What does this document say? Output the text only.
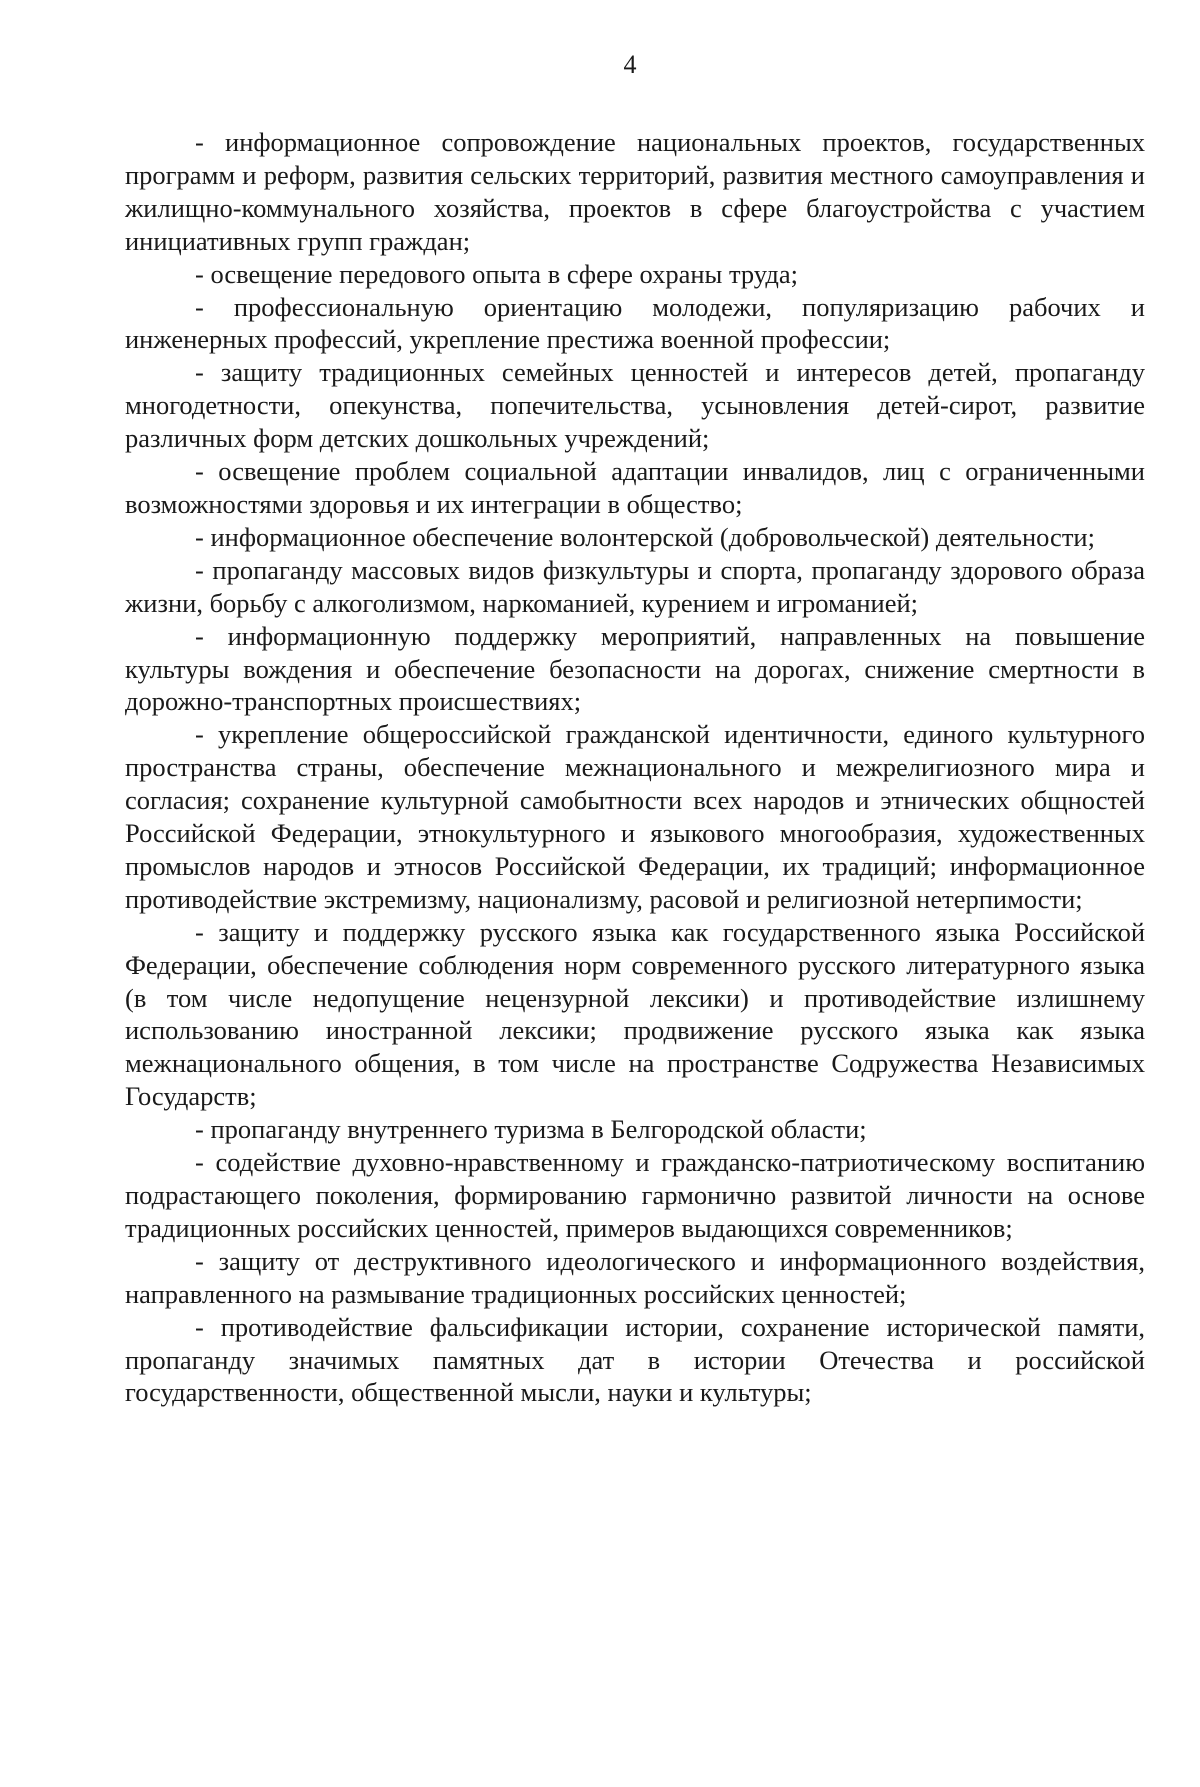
4

- информационное сопровождение национальных проектов, государственных программ и реформ, развития сельских территорий, развития местного самоуправления и жилищно-коммунального хозяйства, проектов в сфере благоустройства с участием инициативных групп граждан;

- освещение передового опыта в сфере охраны труда;

- профессиональную ориентацию молодежи, популяризацию рабочих и инженерных профессий, укрепление престижа военной профессии;

- защиту традиционных семейных ценностей и интересов детей, пропаганду многодетности, опекунства, попечительства, усыновления детей-сирот, развитие различных форм детских дошкольных учреждений;

- освещение проблем социальной адаптации инвалидов, лиц с ограниченными возможностями здоровья и их интеграции в общество;

- информационное обеспечение волонтерской (добровольческой) деятельности;

- пропаганду массовых видов физкультуры и спорта, пропаганду здорового образа жизни, борьбу с алкоголизмом, наркоманией, курением и игроманией;

- информационную поддержку мероприятий, направленных на повышение культуры вождения и обеспечение безопасности на дорогах, снижение смертности в дорожно-транспортных происшествиях;

- укрепление общероссийской гражданской идентичности, единого культурного пространства страны, обеспечение межнационального и межрелигиозного мира и согласия; сохранение культурной самобытности всех народов и этнических общностей Российской Федерации, этнокультурного и языкового многообразия, художественных промыслов народов и этносов Российской Федерации, их традиций; информационное противодействие экстремизму, национализму, расовой и религиозной нетерпимости;

- защиту и поддержку русского языка как государственного языка Российской Федерации, обеспечение соблюдения норм современного русского литературного языка (в том числе недопущение нецензурной лексики) и противодействие излишнему использованию иностранной лексики; продвижение русского языка как языка межнационального общения, в том числе на пространстве Содружества Независимых Государств;

- пропаганду внутреннего туризма в Белгородской области;

- содействие духовно-нравственному и гражданско-патриотическому воспитанию подрастающего поколения, формированию гармонично развитой личности на основе традиционных российских ценностей, примеров выдающихся современников;

- защиту от деструктивного идеологического и информационного воздействия, направленного на размывание традиционных российских ценностей;

- противодействие фальсификации истории, сохранение исторической памяти, пропаганду значимых памятных дат в истории Отечества и российской государственности, общественной мысли, науки и культуры;
